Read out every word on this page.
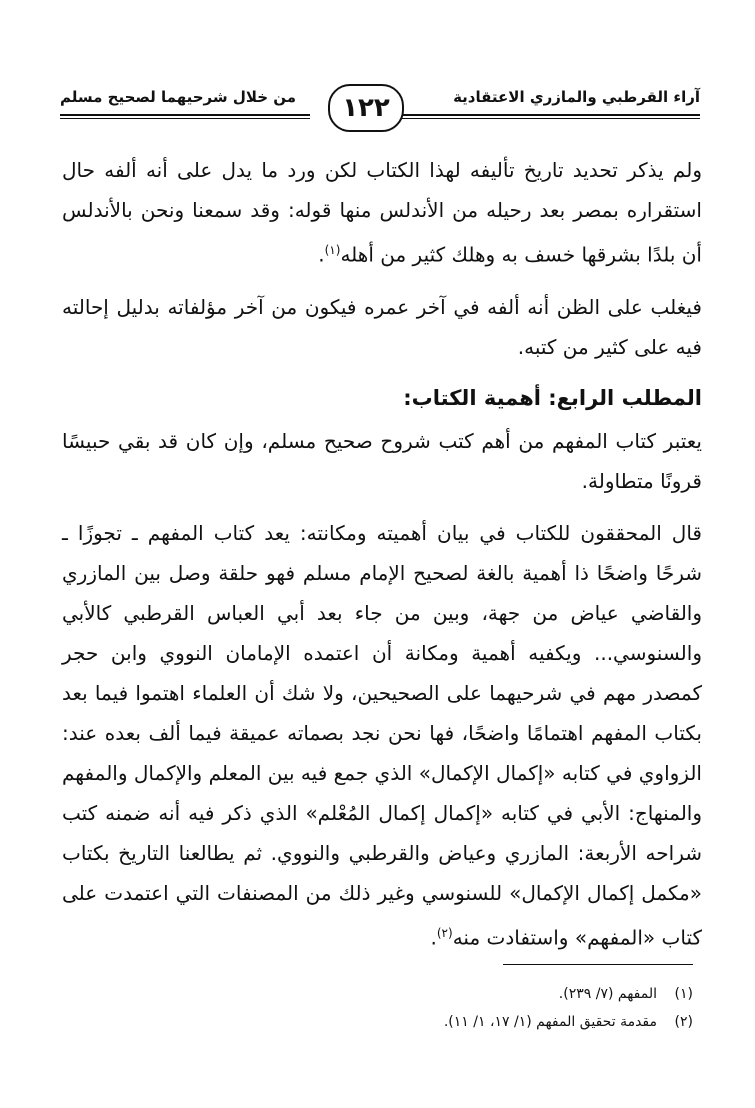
آراء القرطبي والمازري الاعتقادية
من خلال شرحيهما لصحيح مسلم	١٢٢

ولم يذكر تحديد تاريخ تأليفه لهذا الكتاب لكن ورد ما يدل على أنه ألفه حال استقراره بمصر بعد رحيله من الأندلس منها قوله: وقد سمعنا ونحن بالأندلس أن بلدًا بشرقها خسف به وهلك كثير من أهله$^{(١)}$.

فيغلب على الظن أنه ألفه في آخر عمره فيكون من آخر مؤلفاته بدليل إحالته فيه على كثير من كتبه.

المطلب الرابع: أهمية الكتاب:

يعتبر كتاب المفهم من أهم كتب شروح صحيح مسلم، وإن كان قد بقي حبيسًا قرونًا متطاولة.

قال المحققون للكتاب في بيان أهميته ومكانته: يعد كتاب المفهم ـ تجوزًا ـ شرحًا واضحًا ذا أهمية بالغة لصحيح الإمام مسلم فهو حلقة وصل بين المازري والقاضي عياض من جهة، وبين من جاء بعد أبي العباس القرطبي كالأبي والسنوسي... ويكفيه أهمية ومكانة أن اعتمده الإمامان النووي وابن حجر كمصدر مهم في شرحيهما على الصحيحين، ولا شك أن العلماء اهتموا فيما بعد بكتاب المفهم اهتمامًا واضحًا، فها نحن نجد بصماته عميقة فيما ألف بعده عند: الزواوي في كتابه «إكمال الإكمال» الذي جمع فيه بين المعلم والإكمال والمفهم والمنهاج: الأبي في كتابه «إكمال إكمال المُعْلم» الذي ذكر فيه أنه ضمنه كتب شراحه الأربعة: المازري وعياض والقرطبي والنووي. ثم يطالعنا التاريخ بكتاب «مكمل إكمال الإكمال» للسنوسي وغير ذلك من المصنفات التي اعتمدت على كتاب «المفهم» واستفادت منه$^{(٢)}$.

(١)المفهم (٧/ ٢٣٩).
(٢)مقدمة تحقيق المفهم (١/ ١٧، ١/ ١١).
